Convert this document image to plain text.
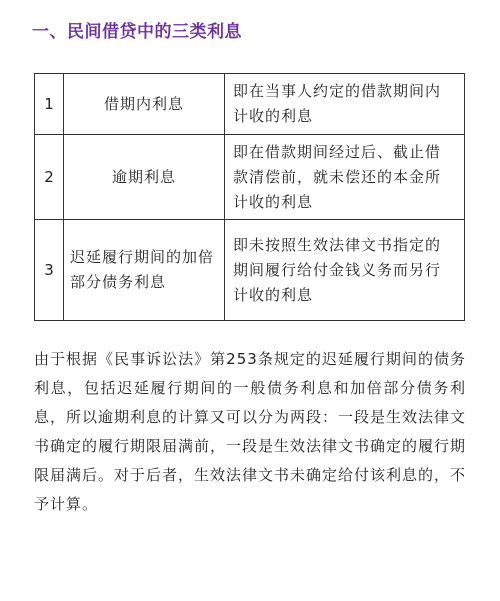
一、民间借贷中的三类利息
1	借期内利息	即在当事人约定的借款期间内计收的利息
2	逾期利息	即在借款期间经过后、截止借款清偿前，就未偿还的本金所计收的利息
3	迟延履行期间的加倍部分债务利息	即未按照生效法律文书指定的期间履行给付金钱义务而另行计收的利息
由于根据《民事诉讼法》第253条规定的迟延履行期间的债务利息，包括迟延履行期间的一般债务利息和加倍部分债务利息，所以逾期利息的计算又可以分为两段：一段是生效法律文书确定的履行期限届满前，一段是生效法律文书确定的履行期限届满后。对于后者，生效法律文书未确定给付该利息的，不予计算。
